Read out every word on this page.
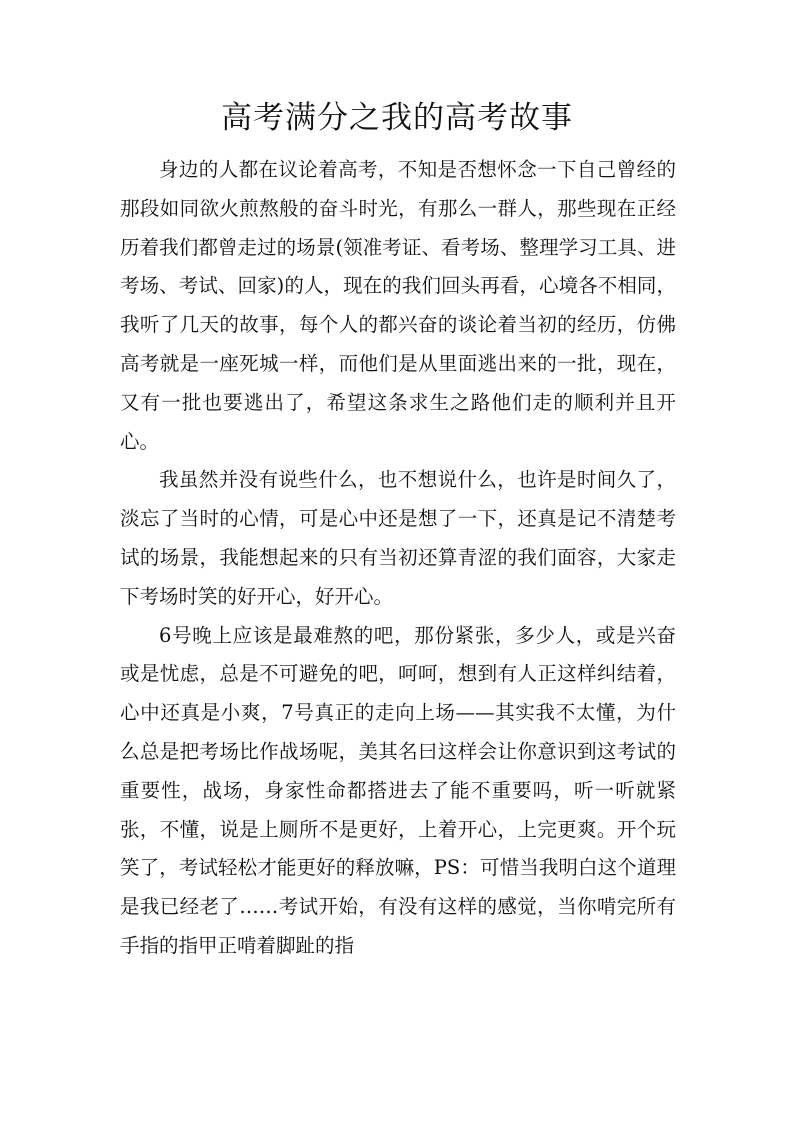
高考满分之我的高考故事

身边的人都在议论着高考，不知是否想怀念一下自己曾经的那段如同欲火煎熬般的奋斗时光，有那么一群人，那些现在正经历着我们都曾走过的场景(领准考证、看考场、整理学习工具、进考场、考试、回家)的人，现在的我们回头再看，心境各不相同，我听了几天的故事，每个人的都兴奋的谈论着当初的经历，仿佛高考就是一座死城一样，而他们是从里面逃出来的一批，现在，又有一批也要逃出了，希望这条求生之路他们走的顺利并且开心。

我虽然并没有说些什么，也不想说什么，也许是时间久了，淡忘了当时的心情，可是心中还是想了一下，还真是记不清楚考试的场景，我能想起来的只有当初还算青涩的我们面容，大家走下考场时笑的好开心，好开心。

6号晚上应该是最难熬的吧，那份紧张，多少人，或是兴奋或是忧虑，总是不可避免的吧，呵呵，想到有人正这样纠结着，心中还真是小爽，7号真正的走向上场——其实我不太懂，为什么总是把考场比作战场呢，美其名曰这样会让你意识到这考试的重要性，战场，身家性命都搭进去了能不重要吗，听一听就紧张，不懂，说是上厕所不是更好，上着开心，上完更爽。开个玩笑了，考试轻松才能更好的释放嘛，PS：可惜当我明白这个道理是我已经老了……考试开始，有没有这样的感觉，当你啃完所有手指的指甲正啃着脚趾的指
